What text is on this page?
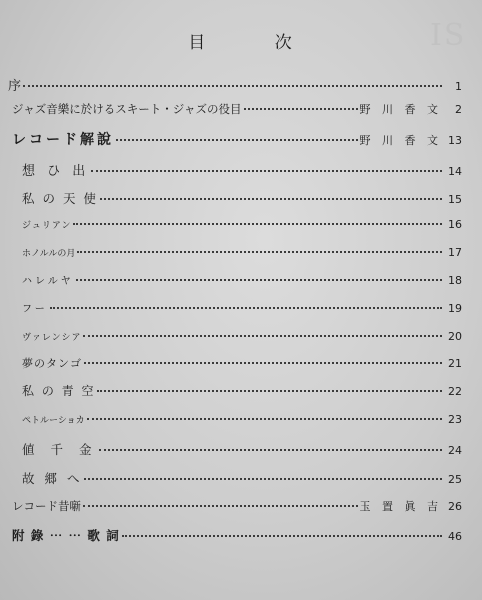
IS
目	次
序	1
ジャズ音樂に於けるスキート・ジャズの役目	野 川 香 文	2
レコード解說	野 川 香 文 13
想 ひ 出	14
私 の 天 使	15
ジュリアン	16
ホノルルの月	17
ハレルヤ	18
フー	19
ヴァレンシア	20
夢のタンゴ	21
私 の 青 空	22
ペトルーショカ	23
値 千 金	24
故 郷 へ	25
レコード昔噺	玉 置 眞 吉 26
附 錄 ⋯ ⋯ 歌 詞	46
